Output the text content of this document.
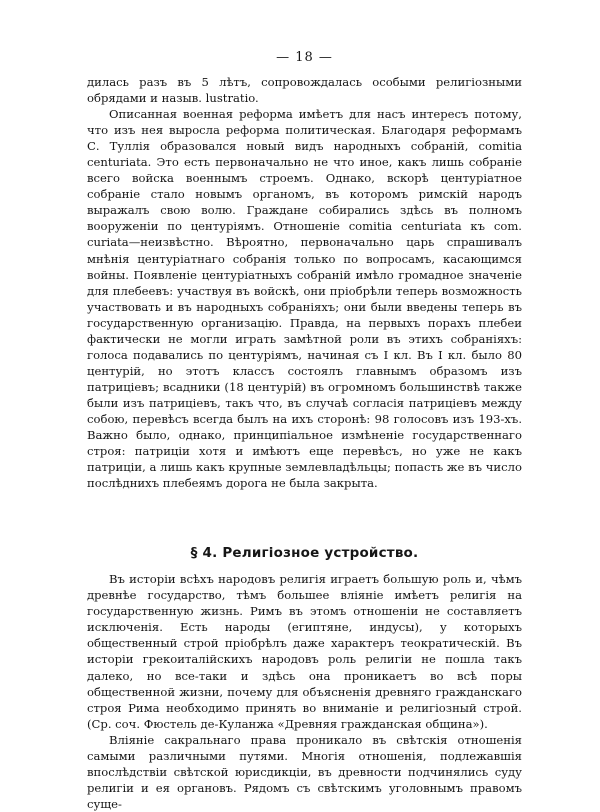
— 18 —

дилась разъ въ 5 лѣтъ, сопровождалась особыми религіозными обрядами и назыв. lustratio.

Описанная военная реформа имѣетъ для насъ интересъ потому, что изъ нея выросла реформа политическая. Благодаря реформамъ С. Туллія образовался новый видъ народныхъ собраній, comitia centuriata. Это есть первоначально не что иное, какъ лишь собраніе всего войска военнымъ строемъ. Однако, вскорѣ центуріатное собраніе стало новымъ органомъ, въ которомъ римскій народъ выражалъ свою волю. Граждане собирались здѣсь въ полномъ вооруженіи по центуріямъ. Отношеніе comitia centuriata къ com. curiata—неизвѣстно. Вѣроятно, первоначально царь спрашивалъ мнѣнія центуріатнаго собранія только по вопросамъ, касающимся войны. Появленіе центуріатныхъ собраній имѣло громадное значеніе для плебеевъ: участвуя въ войскѣ, они пріобрѣли теперь возможность участвовать и въ народныхъ собраніяхъ; они были введены теперь въ государственную организацію. Правда, на первыхъ порахъ плебеи фактически не могли играть замѣтной роли въ этихъ собраніяхъ: голоса подавались по центуріямъ, начиная съ I кл. Въ I кл. было 80 центурій, но этотъ классъ состоялъ главнымъ образомъ изъ патриціевъ; всадники (18 центурій) въ огромномъ большинствѣ также были изъ патриціевъ, такъ что, въ случаѣ согласія патриціевъ между собою, перевѣсъ всегда былъ на ихъ сторонѣ: 98 голосовъ изъ 193-хъ. Важно было, однако, принципіальное измѣненіе государственнаго строя: патриціи хотя и имѣютъ еще перевѣсъ, но уже не какъ патриціи, а лишь какъ крупные землевладѣльцы; попасть же въ число послѣднихъ плебеямъ дорога не была закрыта.

§ 4. Религіозное устройство.

Въ исторіи всѣхъ народовъ религія играетъ большую роль и, чѣмъ древнѣе государство, тѣмъ большее вліяніе имѣетъ религія на государственную жизнь. Римъ въ этомъ отношеніи не составляетъ исключенія. Есть народы (египтяне, индусы), у которыхъ общественный строй пріобрѣлъ даже характеръ теократическій. Въ исторіи грекоиталійскихъ народовъ роль религіи не пошла такъ далеко, но все-таки и здѣсь она проникаетъ во всѣ поры общественной жизни, почему для объясненія древняго гражданскаго строя Рима необходимо принять во вниманіе и религіозный строй. (Ср. соч. Фюстель де-Куланжа «Древняя гражданская община»).

Вліяніе сакральнаго права проникало въ свѣтскія отношенія самыми различными путями. Многія отношенія, подлежавшія впослѣдствіи свѣтской юрисдикціи, въ древности подчинялись суду религіи и ея органовъ. Рядомъ съ свѣтскимъ уголовнымъ правомъ суще-
